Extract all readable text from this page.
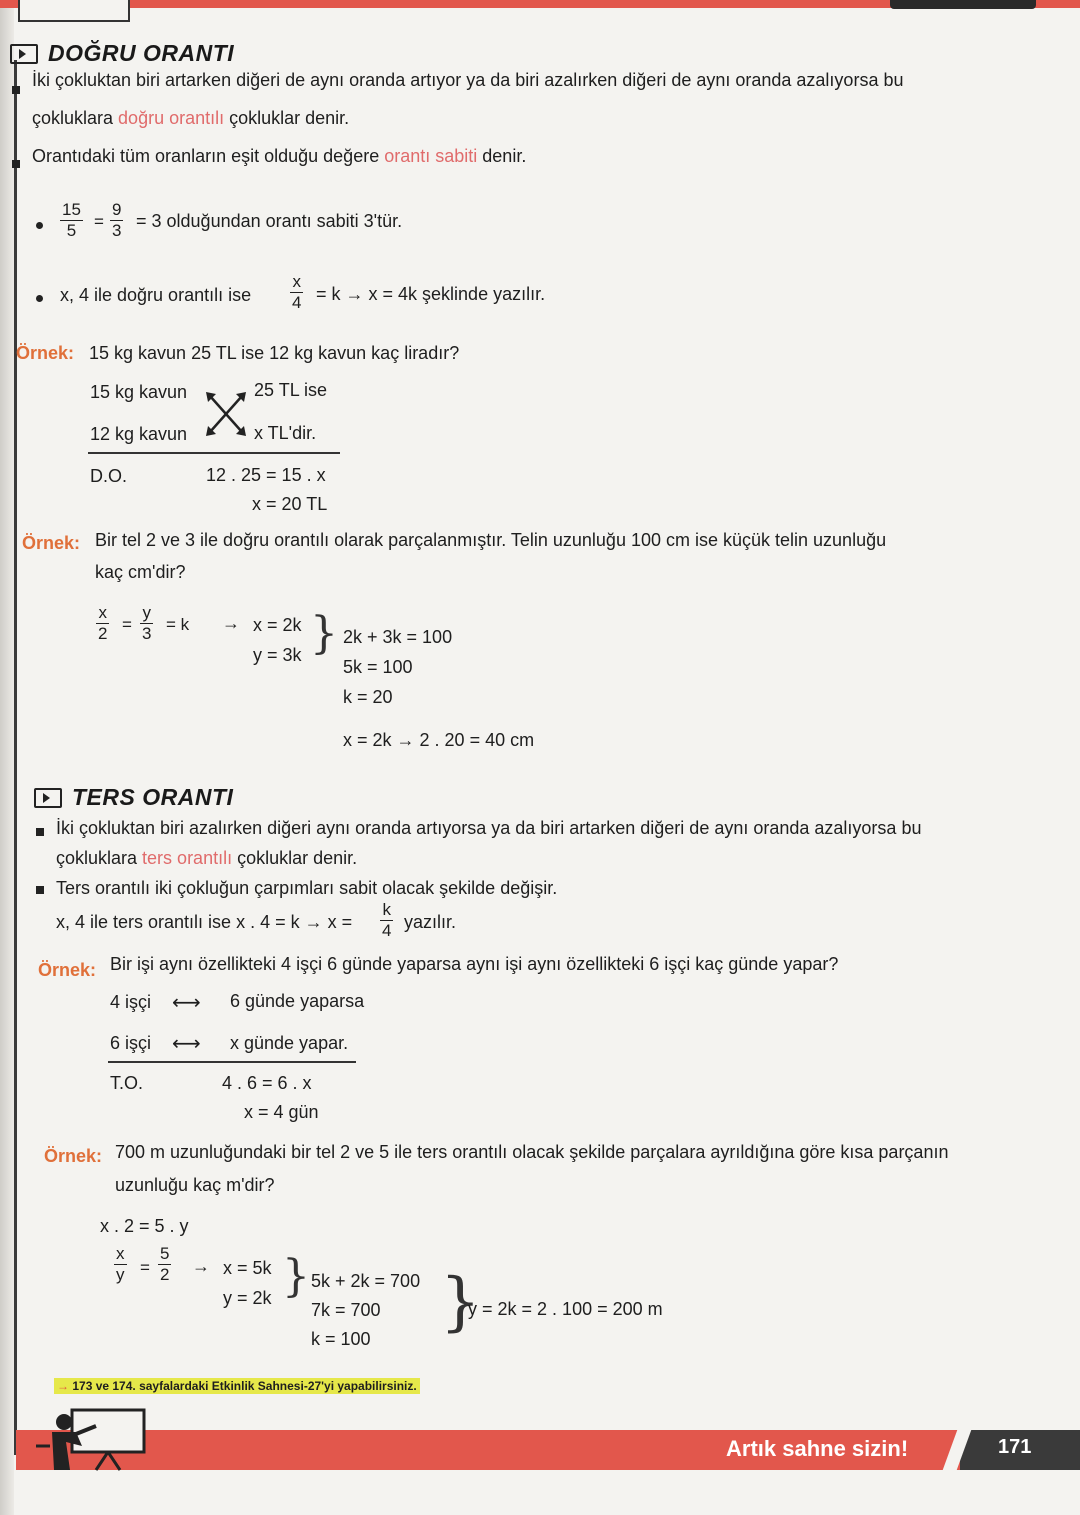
DOĞRU ORANTI
İki çokluktan biri artarken diğeri de aynı oranda artıyor ya da biri azalırken diğeri de aynı oranda azalıyorsa bu
çokluklara doğru orantılı çokluklar denir.
Orantıdaki tüm oranların eşit olduğu değere orantı sabiti denir.
$\frac{15}{5} = \frac{9}{3} = 3$ olduğundan orantı sabiti 3'tür.
x, 4 ile doğru orantılı ise $\frac{x}{4} = k \to x = 4k$ şeklinde yazılır.
Örnek: 15 kg kavun 25 TL ise 12 kg kavun kaç liradır?
15 kg kavun	25 TL ise
12 kg kavun	x TL'dir.
D.O.	12 . 25 = 15 . x
x = 20 TL
Örnek: Bir tel 2 ve 3 ile doğru orantılı olarak parçalanmıştır. Telin uzunluğu 100 cm ise küçük telin uzunluğu
kaç cm'dir?
$\frac{x}{2} = \frac{y}{3} = k \to x = 2k$
y = 3k } 2k + 3k = 100
5k = 100
k = 20
x = 2k → 2 . 20 = 40 cm
TERS ORANTI
İki çokluktan biri azalırken diğeri aynı oranda artıyorsa ya da biri artarken diğeri de aynı oranda azalıyorsa bu
çokluklara ters orantılı çokluklar denir.
Ters orantılı iki çokluğun çarpımları sabit olacak şekilde değişir.
x, 4 ile ters orantılı ise x . $4 = k \to x = \frac{k}{4}$ yazılır.
Örnek: Bir işi aynı özellikteki 4 işçi 6 günde yaparsa aynı işi aynı özellikteki 6 işçi kaç günde yapar?
4 işçi ⟷ 6 günde yaparsa
6 işçi ⟷ x günde yapar.
T.O.	4 . 6 = 6 . x
x = 4 gün
Örnek: 700 m uzunluğundaki bir tel 2 ve 5 ile ters orantılı olacak şekilde parçalara ayrıldığına göre kısa parçanın
uzunluğu kaç m'dir?
x . 2 = 5 . y
$\frac{x}{y} = \frac{5}{2} \to x = 5k$
y = 2k } 5k + 2k = 700
7k = 700
k = 100 }
y = 2k = 2 . 100 = 200 m
→ 173 ve 174. sayfalardaki Etkinlik Sahnesi-27'yi yapabilirsiniz.
Artık sahne sizin!	171
